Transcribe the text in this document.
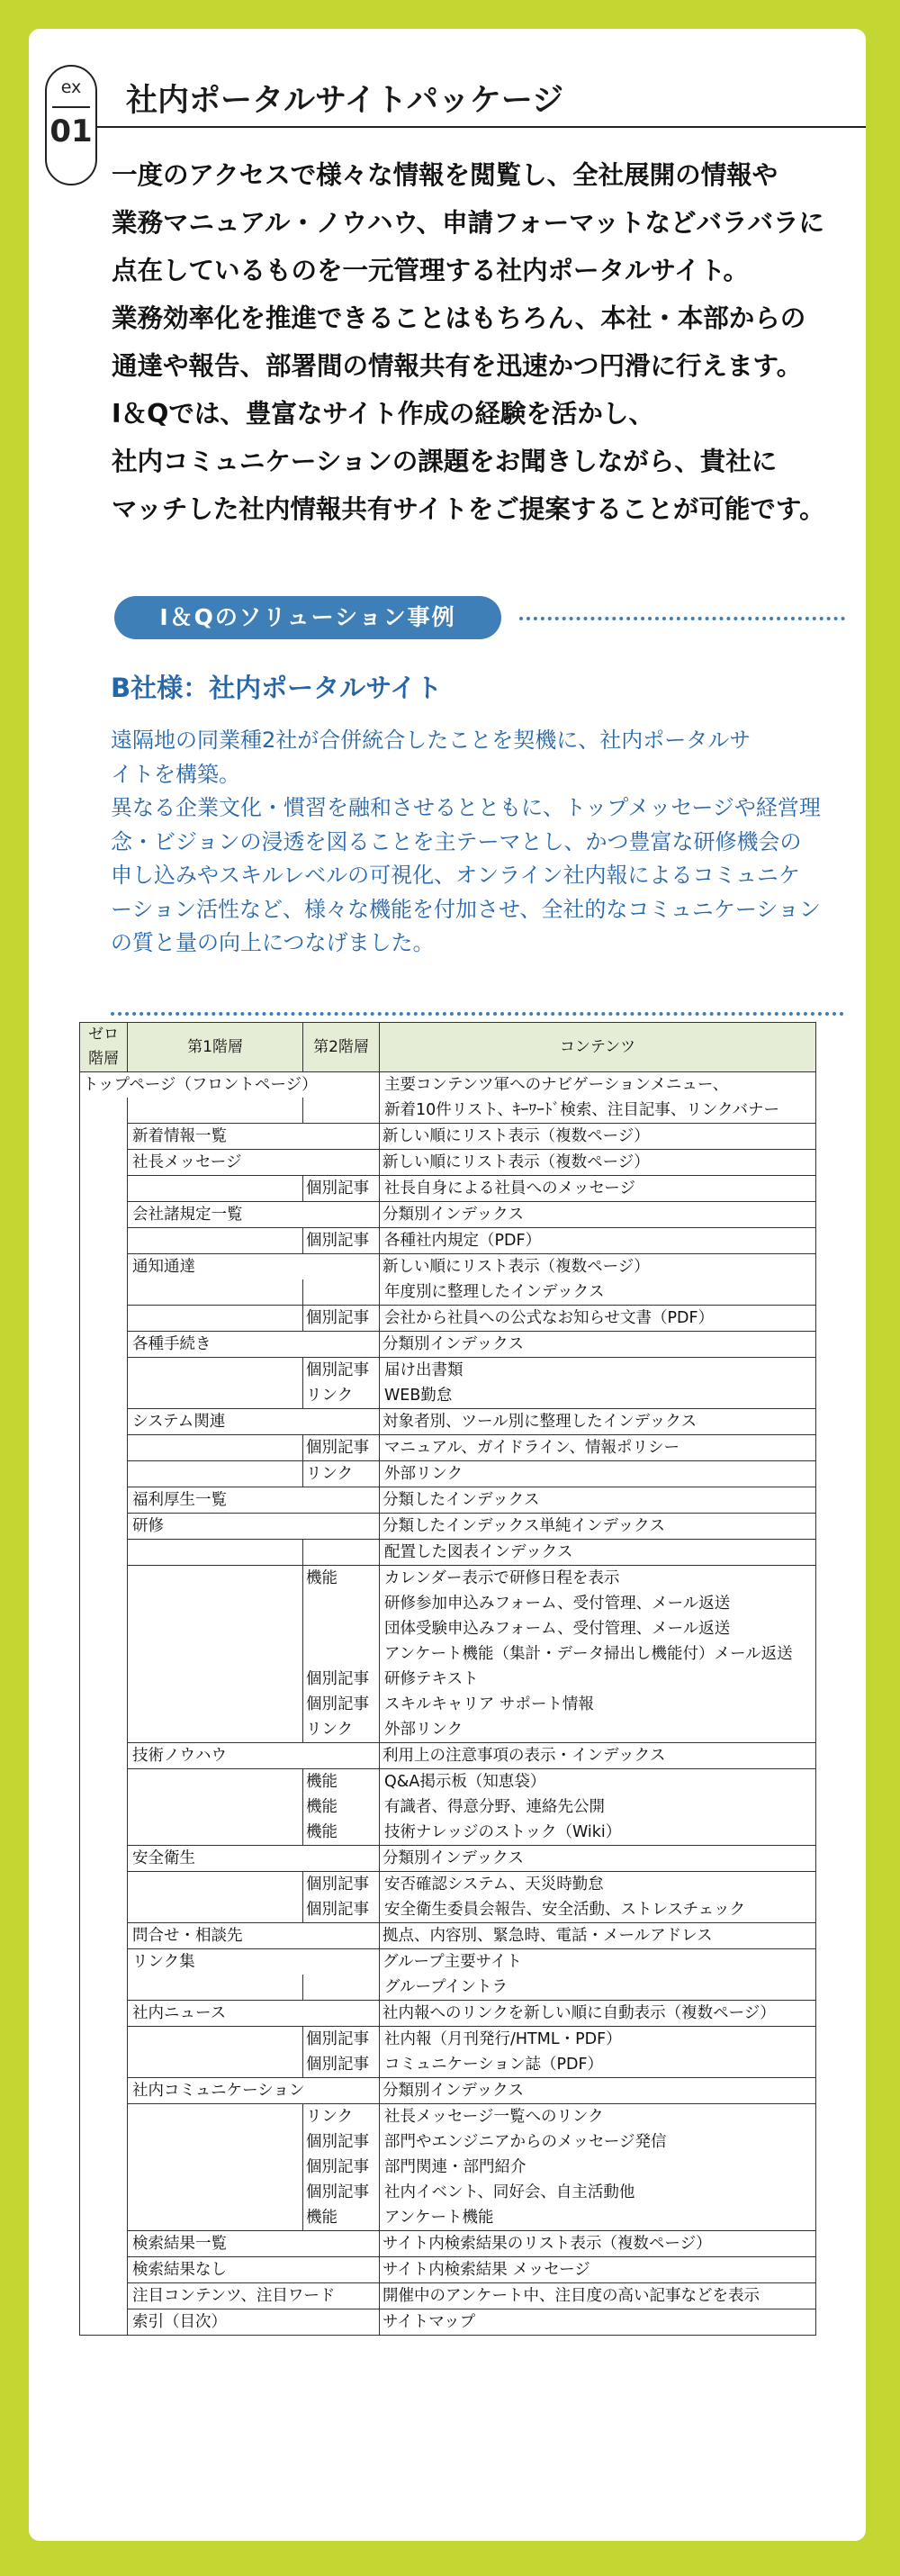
ex
01
社内ポータルサイトパッケージ
一度のアクセスで様々な情報を閲覧し、全社展開の情報や
業務マニュアル・ノウハウ、申請フォーマットなどバラバラに
点在しているものを一元管理する社内ポータルサイト。
業務効率化を推進できることはもちろん、本社・本部からの
通達や報告、部署間の情報共有を迅速かつ円滑に行えます。
I＆Qでは、豊富なサイト作成の経験を活かし、
社内コミュニケーションの課題をお聞きしながら、貴社に
マッチした社内情報共有サイトをご提案することが可能です。
I＆Qのソリューション事例
B社様：社内ポータルサイト
遠隔地の同業種2社が合併統合したことを契機に、社内ポータルサ
イトを構築。
異なる企業文化・慣習を融和させるとともに、トップメッセージや経営理
念・ビジョンの浸透を図ることを主テーマとし、かつ豊富な研修機会の
申し込みやスキルレベルの可視化、オンライン社内報によるコミュニケ
ーション活性など、様々な機能を付加させ、全社的なコミュニケーション
の質と量の向上につなげました。
ゼロ
階層	第1階層	第2階層	コンテンツ
トップページ（フロントページ）			主要コンテンツ軍へのナビゲーションメニュー、
			新着10件リスト、ｷｰﾜｰﾄﾞ検索、注目記事、リンクバナー
	新着情報一覧		新しい順にリスト表示（複数ページ）
	社長メッセージ		新しい順にリスト表示（複数ページ）
		個別記事	社長自身による社員へのメッセージ
	会社諸規定一覧		分類別インデックス
		個別記事	各種社内規定（PDF）
	通知通達		新しい順にリスト表示（複数ページ）
			年度別に整理したインデックス
		個別記事	会社から社員への公式なお知らせ文書（PDF）
	各種手続き		分類別インデックス
		個別記事	届け出書類
		リンク	WEB勤怠
	システム関連		対象者別、ツール別に整理したインデックス
		個別記事	マニュアル、ガイドライン、情報ポリシー
		リンク	外部リンク
	福利厚生一覧		分類したインデックス
	研修		分類したインデックス単純インデックス
			配置した図表インデックス
		機能	カレンダー表示で研修日程を表示
			研修参加申込みフォーム、受付管理、メール返送
			団体受験申込みフォーム、受付管理、メール返送
			アンケート機能（集計・データ掃出し機能付）メール返送
		個別記事	研修テキスト
		個別記事	スキルキャリア サポート情報
		リンク	外部リンク
	技術ノウハウ		利用上の注意事項の表示・インデックス
		機能	Q&A掲示板（知恵袋）
		機能	有識者、得意分野、連絡先公開
		機能	技術ナレッジのストック（Wiki）
	安全衛生		分類別インデックス
		個別記事	安否確認システム、天災時勤怠
		個別記事	安全衛生委員会報告、安全活動、ストレスチェック
	問合せ・相談先		拠点、内容別、緊急時、電話・メールアドレス
	リンク集		グループ主要サイト
			グループイントラ
	社内ニュース		社内報へのリンクを新しい順に自動表示（複数ページ）
		個別記事	社内報（月刊発行/HTML・PDF）
		個別記事	コミュニケーション誌（PDF）
	社内コミュニケーション		分類別インデックス
		リンク	社長メッセージ一覧へのリンク
		個別記事	部門やエンジニアからのメッセージ発信
		個別記事	部門関連・部門紹介
		個別記事	社内イベント、同好会、自主活動他
		機能	アンケート機能
	検索結果一覧		サイト内検索結果のリスト表示（複数ページ）
	検索結果なし		サイト内検索結果 メッセージ
	注目コンテンツ、注目ワード		開催中のアンケート中、注目度の高い記事などを表示
	索引（目次）		サイトマップ
